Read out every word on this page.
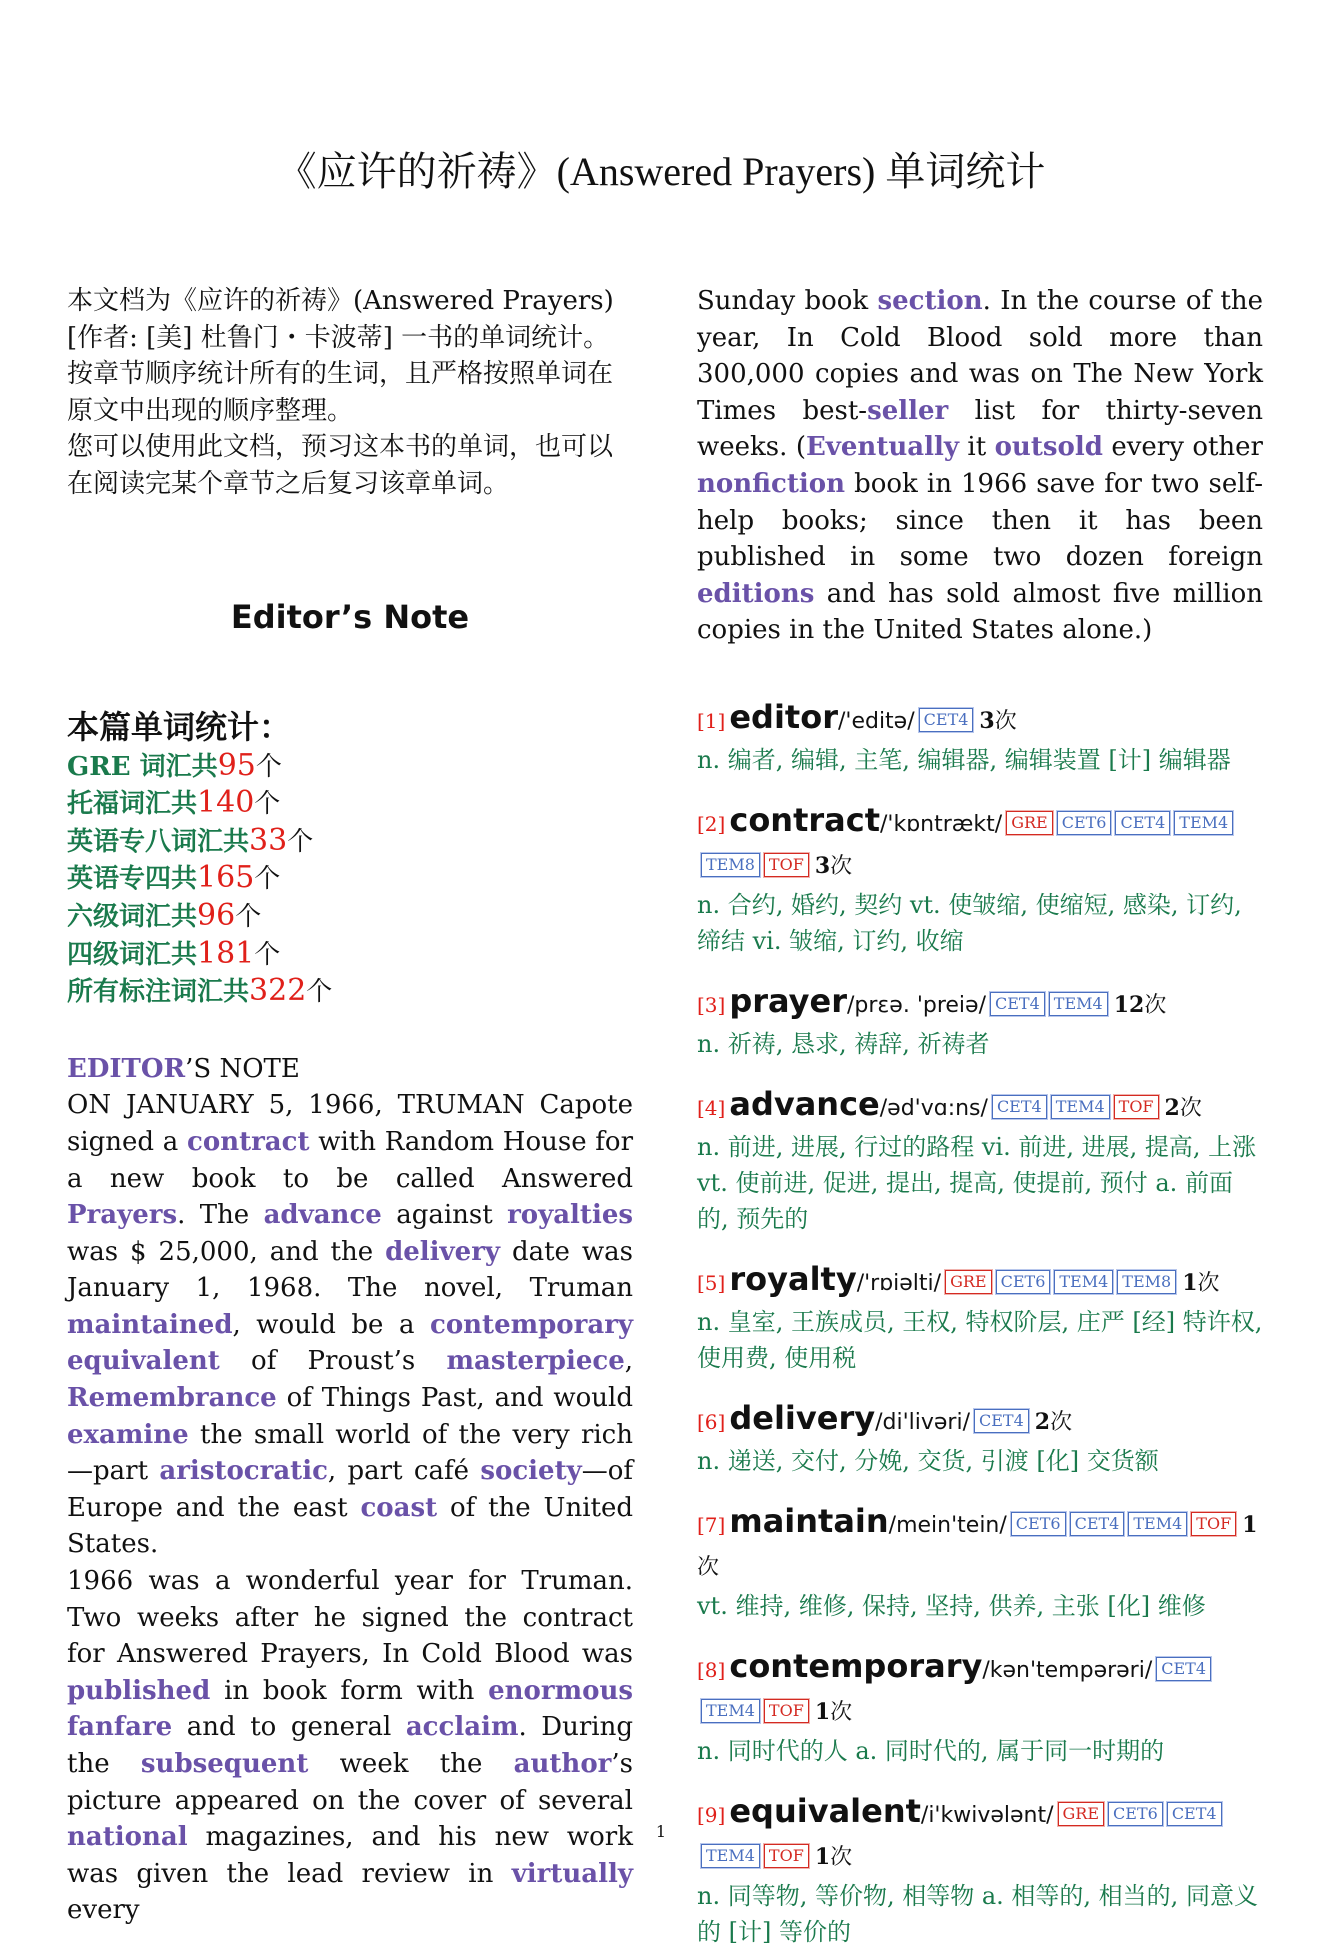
《应许的祈祷》(Answered Prayers) 单词统计
本文档为《应许的祈祷》(Answered Prayers)[作者: [美] 杜鲁门・卡波蒂] 一书的单词统计。
按章节顺序统计所有的生词，且严格按照单词在原文中出现的顺序整理。
您可以使用此文档，预习这本书的单词，也可以在阅读完某个章节之后复习该章单词。
Editor’s Note
本篇单词统计：
GRE 词汇共95个
托福词汇共140个
英语专八词汇共33个
英语专四共165个
六级词汇共96个
四级词汇共181个
所有标注词汇共322个
EDITOR’S NOTE

ON JANUARY 5, 1966, TRUMAN Capote signed a contract with Random House for a new book to be called Answered Prayers. The advance against royalties was $ 25,000, and the delivery date was January 1, 1968. The novel, Truman maintained, would be a contemporary equivalent of Proust’s masterpiece, Remembrance of Things Past, and would examine the small world of the very rich—part aristocratic, part café society—of Europe and the east coast of the United States.

1966 was a wonderful year for Truman. Two weeks after he signed the contract for Answered Prayers, In Cold Blood was published in book form with enormous fanfare and to general acclaim. During the subsequent week the author’s picture appeared on the cover of several national magazines, and his new work was given the lead review in virtually every

Sunday book section. In the course of the year, In Cold Blood sold more than 300,000 copies and was on The New York Times best-seller list for thirty-seven weeks. (Eventually it outsold every other nonfiction book in 1966 save for two self-help books; since then it has been published in some two dozen foreign editions and has sold almost five million copies in the United States alone.)

[1] editor/'editə/ CET4 3次
n. 编者, 编辑, 主笔, 编辑器, 编辑装置 [计] 编辑器
[2] contract/'kɒntrækt/ GRE CET6 CET4 TEM4TEM8 TOF 3次
n. 合约, 婚约, 契约 vt. 使皱缩, 使缩短, 感染, 订约, 缔结 vi. 皱缩, 订约, 收缩
[3] prayer/prεə. 'preiə/ CET4 TEM4 12次
n. 祈祷, 恳求, 祷辞, 祈祷者
[4] advance/əd'vɑ:ns/ CET4 TEM4 TOF 2次
n. 前进, 进展, 行过的路程 vi. 前进, 进展, 提高, 上涨 vt. 使前进, 促进, 提出, 提高, 使提前, 预付 a. 前面的, 预先的
[5] royalty/'rɒiəlti/ GRE CET6 TEM4 TEM8 1次
n. 皇室, 王族成员, 王权, 特权阶层, 庄严 [经] 特许权, 使用费, 使用税
[6] delivery/di'livəri/ CET4 2次
n. 递送, 交付, 分娩, 交货, 引渡 [化] 交货额
[7] maintain/mein'tein/ CET6 CET4 TEM4 TOF 1次
vt. 维持, 维修, 保持, 坚持, 供养, 主张 [化] 维修
[8] contemporary/kən'tempərəri/ CET4TEM4 TOF 1次
n. 同时代的人 a. 同时代的, 属于同一时期的
[9] equivalent/i'kwivələnt/ GRE CET6 CET4TEM4 TOF 1次
n. 同等物, 等价物, 相等物 a. 相等的, 相当的, 同意义的 [计] 等价的
1
